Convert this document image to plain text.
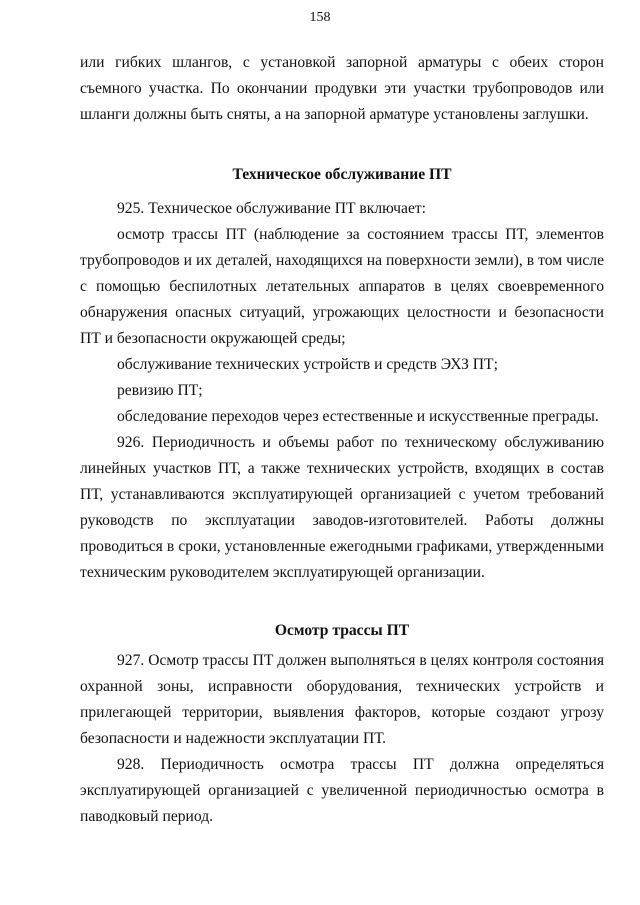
158

или гибких шлангов, с установкой запорной арматуры с обеих сторон съемного участка. По окончании продувки эти участки трубопроводов или шланги должны быть сняты, а на запорной арматуре установлены заглушки.

Техническое обслуживание ПТ

925. Техническое обслуживание ПТ включает:

осмотр трассы ПТ (наблюдение за состоянием трассы ПТ, элементов трубопроводов и их деталей, находящихся на поверхности земли), в том числе с помощью беспилотных летательных аппаратов в целях своевременного обнаружения опасных ситуаций, угрожающих целостности и безопасности ПТ и безопасности окружающей среды;

обслуживание технических устройств и средств ЭХЗ ПТ;

ревизию ПТ;

обследование переходов через естественные и искусственные преграды.

926. Периодичность и объемы работ по техническому обслуживанию линейных участков ПТ, а также технических устройств, входящих в состав ПТ, устанавливаются эксплуатирующей организацией с учетом требований руководств по эксплуатации заводов-изготовителей. Работы должны проводиться в сроки, установленные ежегодными графиками, утвержденными техническим руководителем эксплуатирующей организации.

Осмотр трассы ПТ

927. Осмотр трассы ПТ должен выполняться в целях контроля состояния охранной зоны, исправности оборудования, технических устройств и прилегающей территории, выявления факторов, которые создают угрозу безопасности и надежности эксплуатации ПТ.

928. Периодичность осмотра трассы ПТ должна определяться эксплуатирующей организацией с увеличенной периодичностью осмотра в паводковый период.
